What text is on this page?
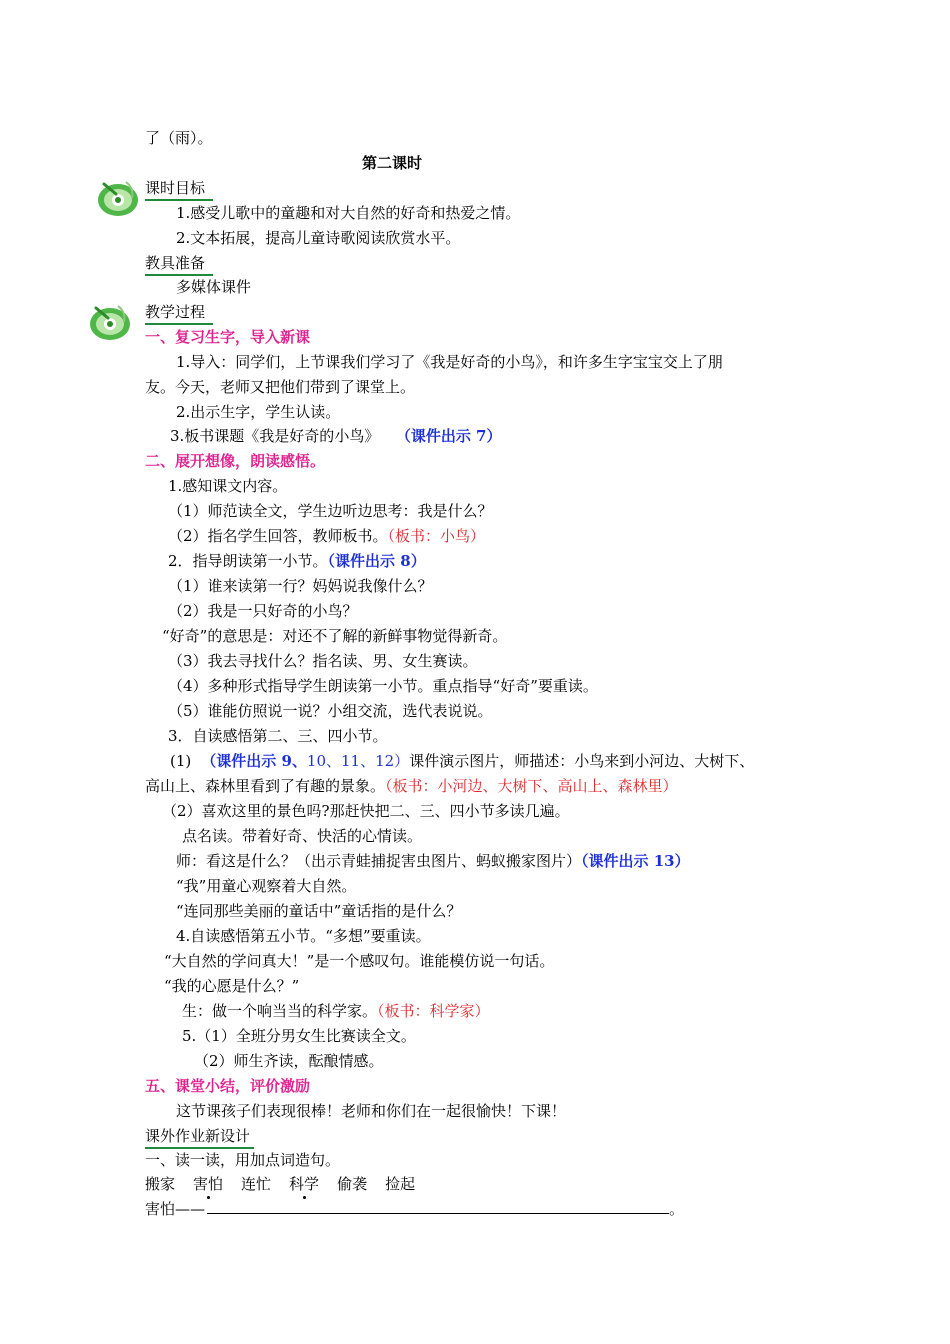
了（雨）。
第二课时
课时目标
1.感受儿歌中的童趣和对大自然的好奇和热爱之情。
2.文本拓展，提高儿童诗歌阅读欣赏水平。
教具准备
多媒体课件
教学过程
一、复习生字，导入新课
1.导入：同学们，上节课我们学习了《我是好奇的小鸟》，和许多生字宝宝交上了朋
友。今天，老师又把他们带到了课堂上。
2.出示生字，学生认读。
3.板书课题《我是好奇的小鸟》 （课件出示 7）
二、展开想像，朗读感悟。
1.感知课文内容。
（1）师范读全文，学生边听边思考：我是什么？
（2）指名学生回答，教师板书。（板书：小鸟）
2．指导朗读第一小节。（课件出示 8）
（1）谁来读第一行？妈妈说我像什么？
（2）我是一只好奇的小鸟？
“好奇”的意思是：对还不了解的新鲜事物觉得新奇。
（3）我去寻找什么？指名读、男、女生赛读。
（4）多种形式指导学生朗读第一小节。重点指导“好奇”要重读。
（5）谁能仿照说一说？小组交流，选代表说说。
3．自读感悟第二、三、四小节。
(1) （课件出示 9、10、11、12）课件演示图片，师描述：小鸟来到小河边、大树下、
高山上、森林里看到了有趣的景象。（板书：小河边、大树下、高山上、森林里）
（2）喜欢这里的景色吗?那赶快把二、三、四小节多读几遍。
点名读。带着好奇、快活的心情读。
师：看这是什么？（出示青蛙捕捉害虫图片、蚂蚁搬家图片）（课件出示 13）
“我”用童心观察着大自然。
“连同那些美丽的童话中”童话指的是什么？
4.自读感悟第五小节。“多想”要重读。
“大自然的学问真大！”是一个感叹句。谁能模仿说一句话。
“我的心愿是什么？”
生：做一个响当当的科学家。（板书：科学家）
5.（1）全班分男女生比赛读全文。
（2）师生齐读，酝酿情感。
五、课堂小结，评价激励
这节课孩子们表现很棒！老师和你们在一起很愉快！下课！
课外作业新设计
一、读一读，用加点词造句。
搬家 害怕 连忙 科学 偷袭 捡起
害怕——	。
